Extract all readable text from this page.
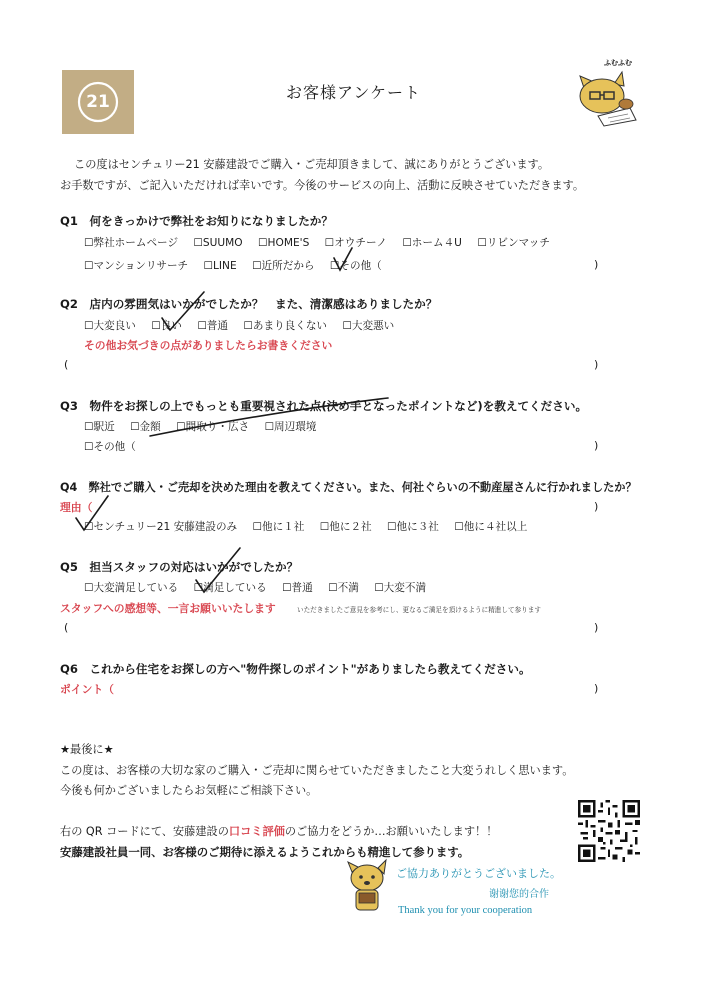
21	お客様アンケート
ふむふむ
この度はセンチュリー21 安藤建設でご購入・ご売却頂きまして、誠にありがとうございます。
お手数ですが、ご記入いただければ幸いです。今後のサービスの向上、活動に反映させていただきます。
Q1　何をきっかけで弊社をお知りになりましたか？
☐弊社ホームページ ☐SUUMO ☐HOME'S ☐オウチーノ ☐ホーム４U ☐リビンマッチ
☐マンションリサーチ ☐LINE ☐近所だから ☐その他（	)
Q2　店内の雰囲気はいかがでしたか？　また、清潔感はありましたか？
☐大変良い ☐良い ☐普通 ☐あまり良くない ☐大変悪い
その他お気づきの点がありましたらお書きください
(	)
Q3　物件をお探しの上でもっとも重要視された点(決め手となったポイントなど)を教えてください。
☐駅近 ☐金額 ☐間取り・広さ ☐周辺環境
☐その他（	)
Q4　弊社でご購入・ご売却を決めた理由を教えてください。また、何社ぐらいの不動産屋さんに行かれましたか？
理由（	)
☐センチュリー21 安藤建設のみ ☐他に１社 ☐他に２社 ☐他に３社 ☐他に４社以上
Q5　担当スタッフの対応はいかがでしたか？
☐大変満足している ☐満足している ☐普通 ☐不満 ☐大変不満
スタッフへの感想等、一言お願いいたします	いただきましたご意見を参考にし、更なるご満足を頂けるように精進して参ります
(	)
Q6　これから住宅をお探しの方へ"物件探しのポイント"がありましたら教えてください。
ポイント（	)
★最後に★
この度は、お客様の大切な家のご購入・ご売却に関らせていただきましたこと大変うれしく思います。
今後も何かございましたらお気軽にご相談下さい。
右の QR コードにて、安藤建設の口コミ評価のご協力をどうか…お願いいたします！！
安藤建設社員一同、お客様のご期待に添えるようこれからも精進して参ります。
ご協力ありがとうございました。
谢谢您的合作
Thank you for your cooperation
